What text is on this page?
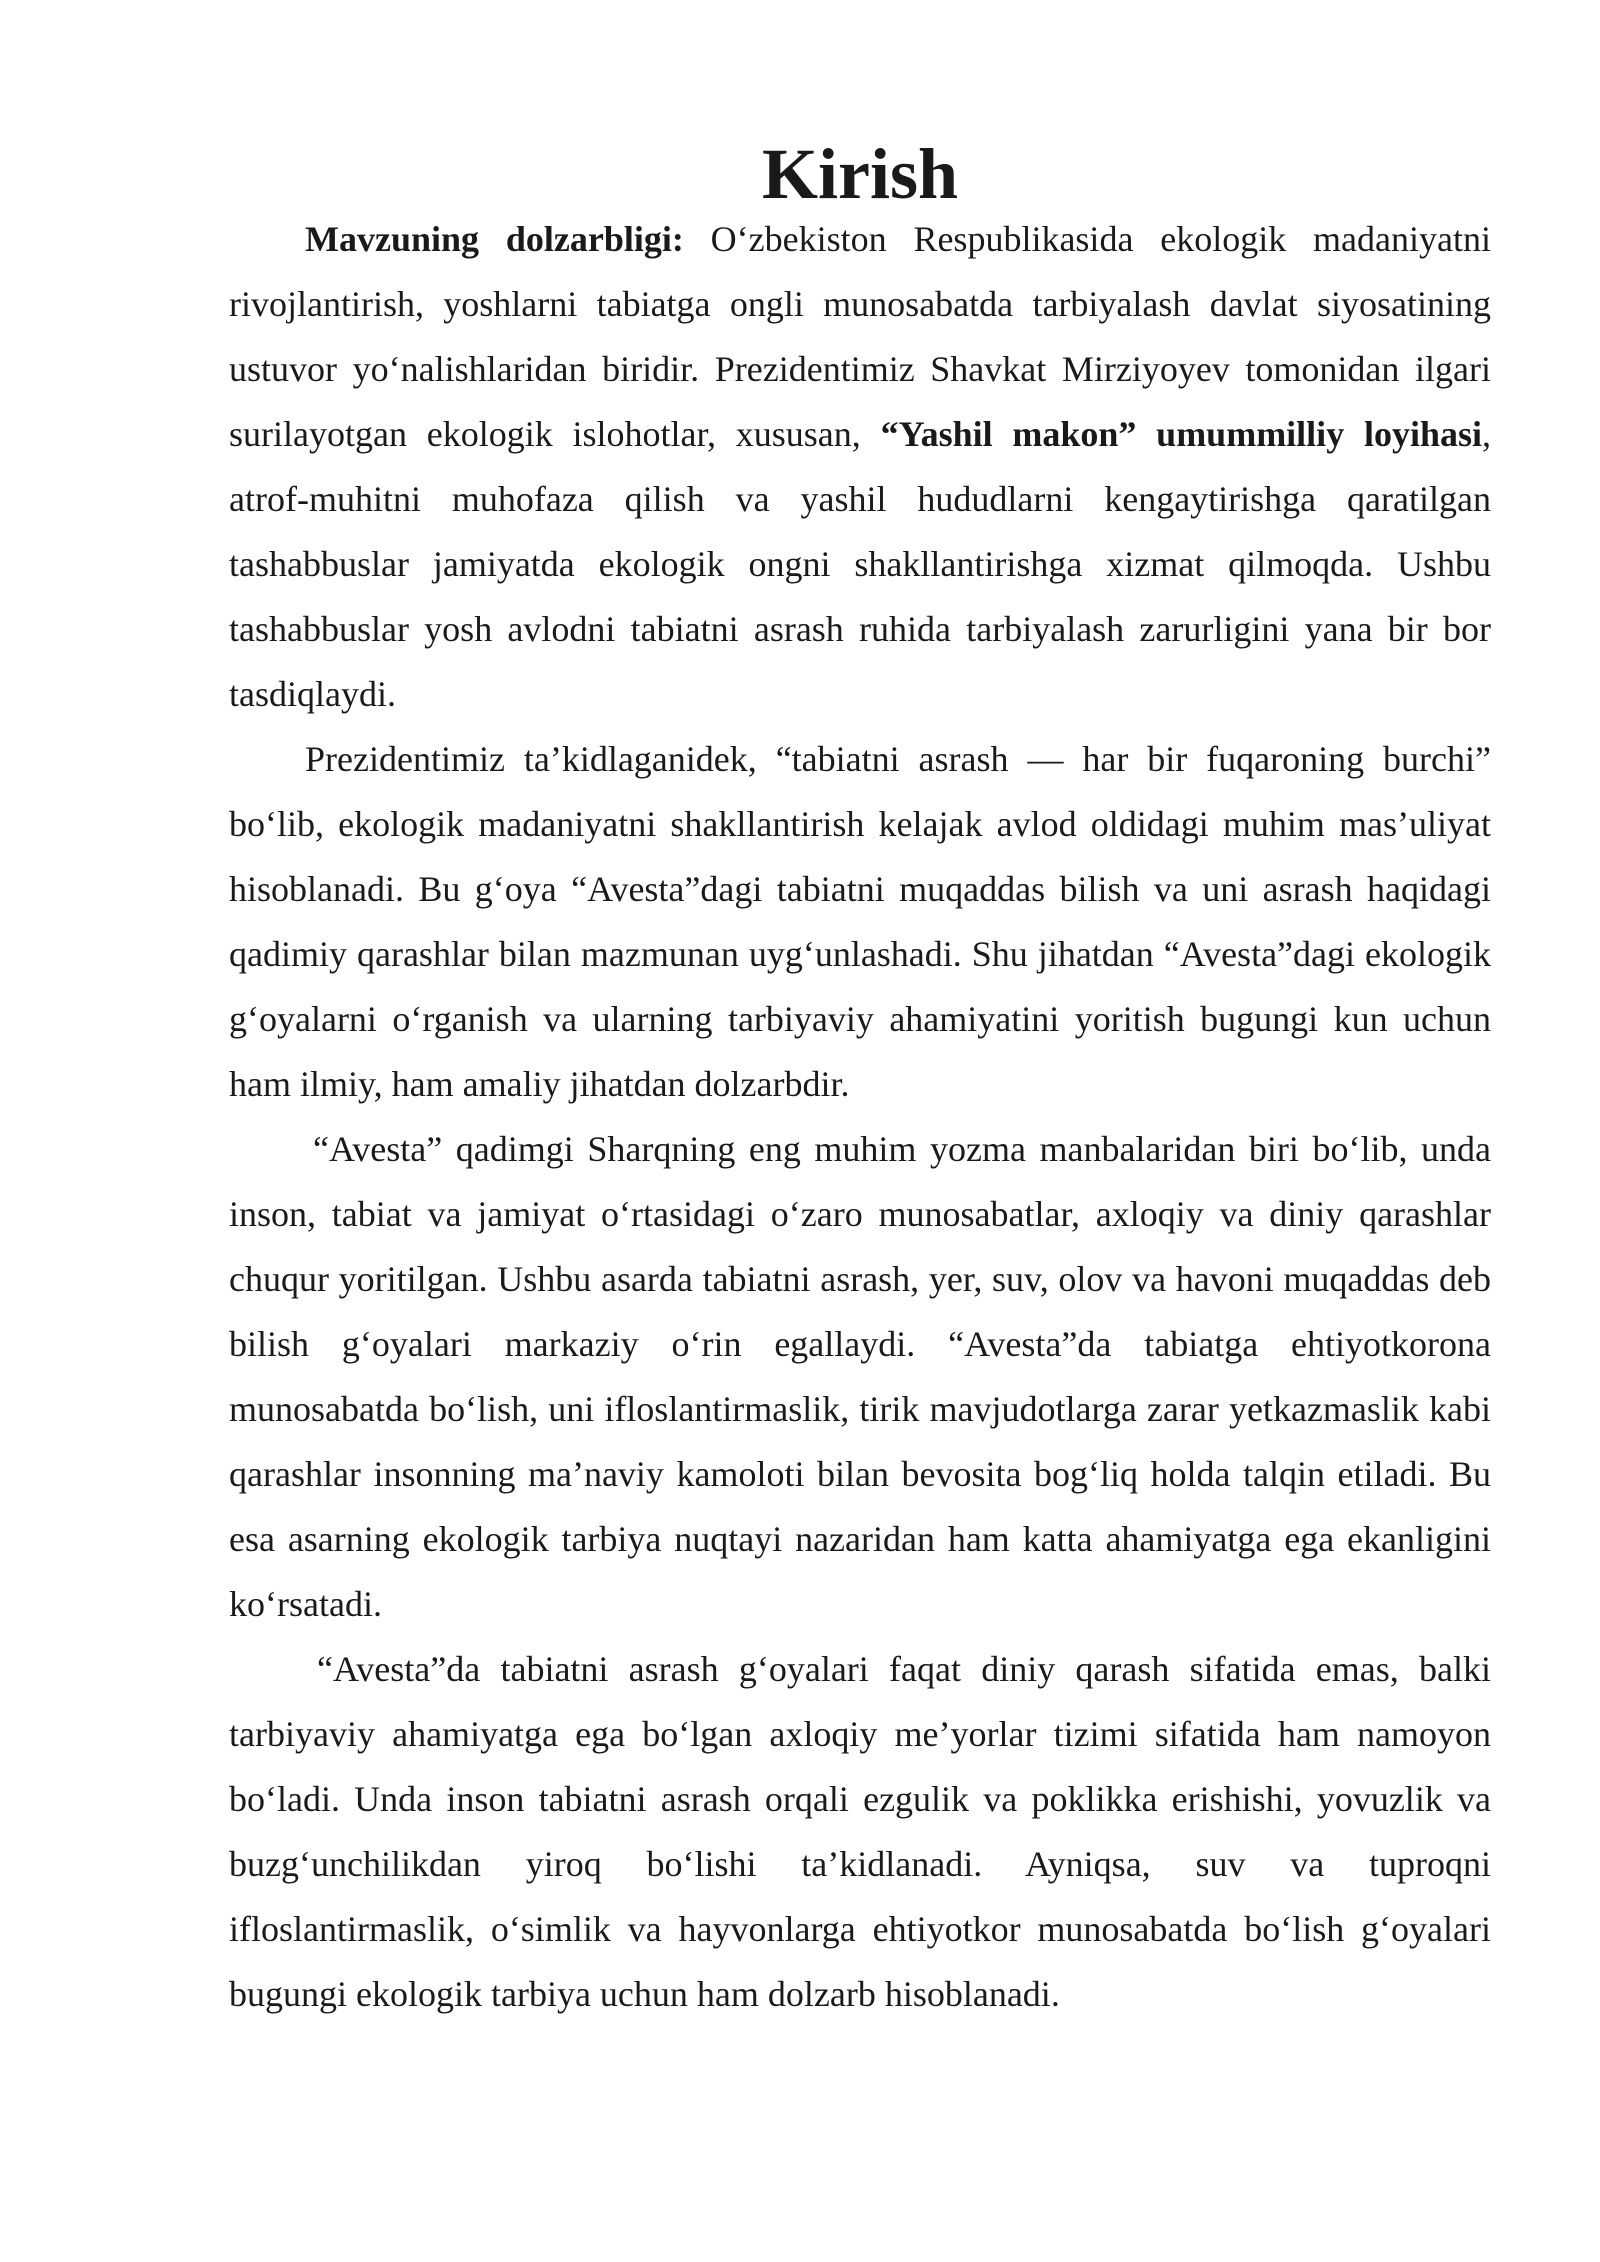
Kirish

Mavzuning dolzarbligi: O‘zbekiston Respublikasida ekologik madaniyatni rivojlantirish, yoshlarni tabiatga ongli munosabatda tarbiyalash davlat siyosatining ustuvor yo‘nalishlaridan biridir. Prezidentimiz Shavkat Mirziyoyev tomonidan ilgari surilayotgan ekologik islohotlar, xususan, “Yashil makon” umummilliy loyihasi, atrof-muhitni muhofaza qilish va yashil hududlarni kengaytirishga qaratilgan tashabbuslar jamiyatda ekologik ongni shakllantirishga xizmat qilmoqda. Ushbu tashabbuslar yosh avlodni tabiatni asrash ruhida tarbiyalash zarurligini yana bir bor tasdiqlaydi.

Prezidentimiz ta’kidlaganidek, “tabiatni asrash — har bir fuqaroning burchi” bo‘lib, ekologik madaniyatni shakllantirish kelajak avlod oldidagi muhim mas’uliyat hisoblanadi. Bu g‘oya “Avesta”dagi tabiatni muqaddas bilish va uni asrash haqidagi qadimiy qarashlar bilan mazmunan uyg‘unlashadi. Shu jihatdan “Avesta”dagi ekologik g‘oyalarni o‘rganish va ularning tarbiyaviy ahamiyatini yoritish bugungi kun uchun ham ilmiy, ham amaliy jihatdan dolzarbdir.

“Avesta” qadimgi Sharqning eng muhim yozma manbalaridan biri bo‘lib, unda inson, tabiat va jamiyat o‘rtasidagi o‘zaro munosabatlar, axloqiy va diniy qarashlar chuqur yoritilgan. Ushbu asarda tabiatni asrash, yer, suv, olov va havoni muqaddas deb bilish g‘oyalari markaziy o‘rin egallaydi. “Avesta”da tabiatga ehtiyotkorona munosabatda bo‘lish, uni ifloslantirmaslik, tirik mavjudotlarga zarar yetkazmaslik kabi qarashlar insonning ma’naviy kamoloti bilan bevosita bog‘liq holda talqin etiladi. Bu esa asarning ekologik tarbiya nuqtayi nazaridan ham katta ahamiyatga ega ekanligini ko‘rsatadi.

“Avesta”da tabiatni asrash g‘oyalari faqat diniy qarash sifatida emas, balki tarbiyaviy ahamiyatga ega bo‘lgan axloqiy me’yorlar tizimi sifatida ham namoyon bo‘ladi. Unda inson tabiatni asrash orqali ezgulik va poklikka erishishi, yovuzlik va buzg‘unchilikdan yiroq bo‘lishi ta’kidlanadi. Ayniqsa, suv va tuproqni ifloslantirmaslik, o‘simlik va hayvonlarga ehtiyotkor munosabatda bo‘lish g‘oyalari bugungi ekologik tarbiya uchun ham dolzarb hisoblanadi.
